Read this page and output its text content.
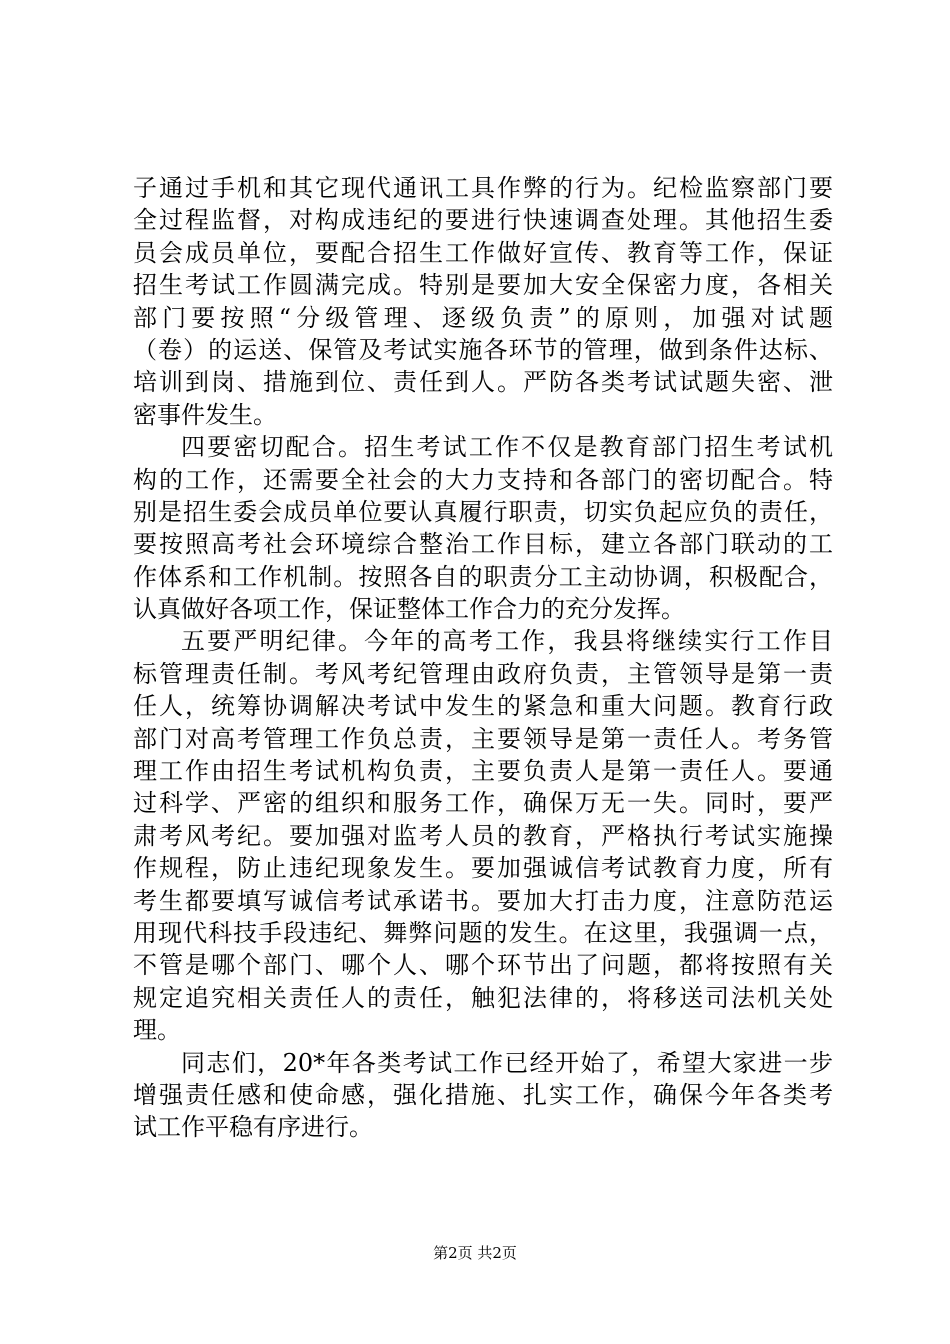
子通过手机和其它现代通讯工具作弊的行为。纪检监察部门要
全过程监督，对构成违纪的要进行快速调查处理。其他招生委
员会成员单位，要配合招生工作做好宣传、教育等工作，保证
招生考试工作圆满完成。特别是要加大安全保密力度，各相关
部门要按照“分级管理、逐级负责”的原则，加强对试题
（卷）的运送、保管及考试实施各环节的管理，做到条件达标、
培训到岗、措施到位、责任到人。严防各类考试试题失密、泄
密事件发生。
四要密切配合。招生考试工作不仅是教育部门招生考试机
构的工作，还需要全社会的大力支持和各部门的密切配合。特
别是招生委会成员单位要认真履行职责，切实负起应负的责任，
要按照高考社会环境综合整治工作目标，建立各部门联动的工
作体系和工作机制。按照各自的职责分工主动协调，积极配合，
认真做好各项工作，保证整体工作合力的充分发挥。
五要严明纪律。今年的高考工作，我县将继续实行工作目
标管理责任制。考风考纪管理由政府负责，主管领导是第一责
任人，统筹协调解决考试中发生的紧急和重大问题。教育行政
部门对高考管理工作负总责，主要领导是第一责任人。考务管
理工作由招生考试机构负责，主要负责人是第一责任人。要通
过科学、严密的组织和服务工作，确保万无一失。同时，要严
肃考风考纪。要加强对监考人员的教育，严格执行考试实施操
作规程，防止违纪现象发生。要加强诚信考试教育力度，所有
考生都要填写诚信考试承诺书。要加大打击力度，注意防范运
用现代科技手段违纪、舞弊问题的发生。在这里，我强调一点，
不管是哪个部门、哪个人、哪个环节出了问题，都将按照有关
规定追究相关责任人的责任，触犯法律的，将移送司法机关处
理。
同志们，20*年各类考试工作已经开始了，希望大家进一步
增强责任感和使命感，强化措施、扎实工作，确保今年各类考
试工作平稳有序进行。
第2页 共2页
